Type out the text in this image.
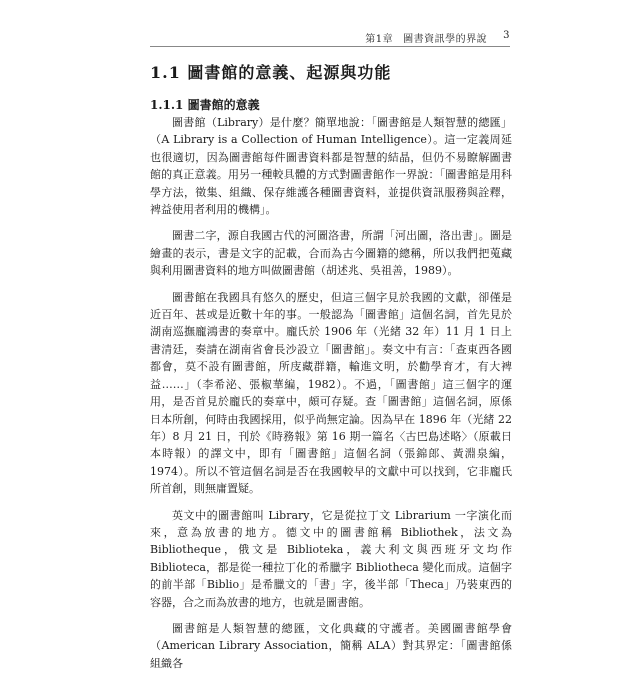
第1章 圖書資訊學的界說 3
1.1 圖書館的意義、起源與功能
1.1.1 圖書館的意義

圖書館（Library）是什麼？簡單地說：「圖書館是人類智慧的總匯」（A Library is a Collection of Human Intelligence）。這一定義周延也很適切，因為圖書館每件圖書資料都是智慧的結晶，但仍不易瞭解圖書館的真正意義。用另一種較具體的方式對圖書館作一界說：「圖書館是用科學方法，徵集、組織、保存維護各種圖書資料，並提供資訊服務與詮釋，裨益使用者利用的機構」。

圖書二字，源自我國古代的河圖洛書，所謂「河出圖，洛出書」。圖是繪畫的表示，書是文字的記載，合而為古今圖籍的總稱，所以我們把蒐藏與利用圖書資料的地方叫做圖書館（胡述兆、吳祖善，1989）。

圖書館在我國具有悠久的歷史，但這三個字見於我國的文獻，卻僅是近百年、甚或是近數十年的事。一般認為「圖書館」這個名詞，首先見於湖南巡撫龐鴻書的奏章中。龐氏於 1906 年（光緒 32 年）11 月 1 日上書清廷，奏請在湖南省會長沙設立「圖書館」。奏文中有言：「查東西各國都會，莫不設有圖書館，所庋藏群籍，輸進文明，於勸學育才，有大裨益……」（李希泌、張椒華編，1982）。不過，「圖書館」這三個字的運用，是否首見於龐氏的奏章中，頗可存疑。查「圖書館」這個名詞，原係日本所創，何時由我國採用，似乎尚無定論。因為早在 1896 年（光緒 22 年）8 月 21 日，刊於《時務報》第 16 期一篇名〈古巴島述略〉（原載日本時報）的譯文中，即有「圖書館」這個名詞（張錦郎、黃淵泉編，1974）。所以不管這個名詞是否在我國較早的文獻中可以找到，它非龐氏所首創，則無庸置疑。

英文中的圖書館叫 Library，它是從拉丁文 Librarium 一字演化而來，意為放書的地方。德文中的圖書館稱 Bibliothek，法文為 Bibliotheque，俄文是 Biblioteka，義大利文與西班牙文均作 Biblioteca，都是從一種拉丁化的希臘字 Bibliotheca 變化而成。這個字的前半部「Biblio」是希臘文的「書」字，後半部「Theca」乃裝東西的容器，合之而為放書的地方，也就是圖書館。

圖書館是人類智慧的總匯，文化典藏的守護者。美國圖書館學會（American Library Association，簡稱 ALA）對其界定：「圖書館係組織各
